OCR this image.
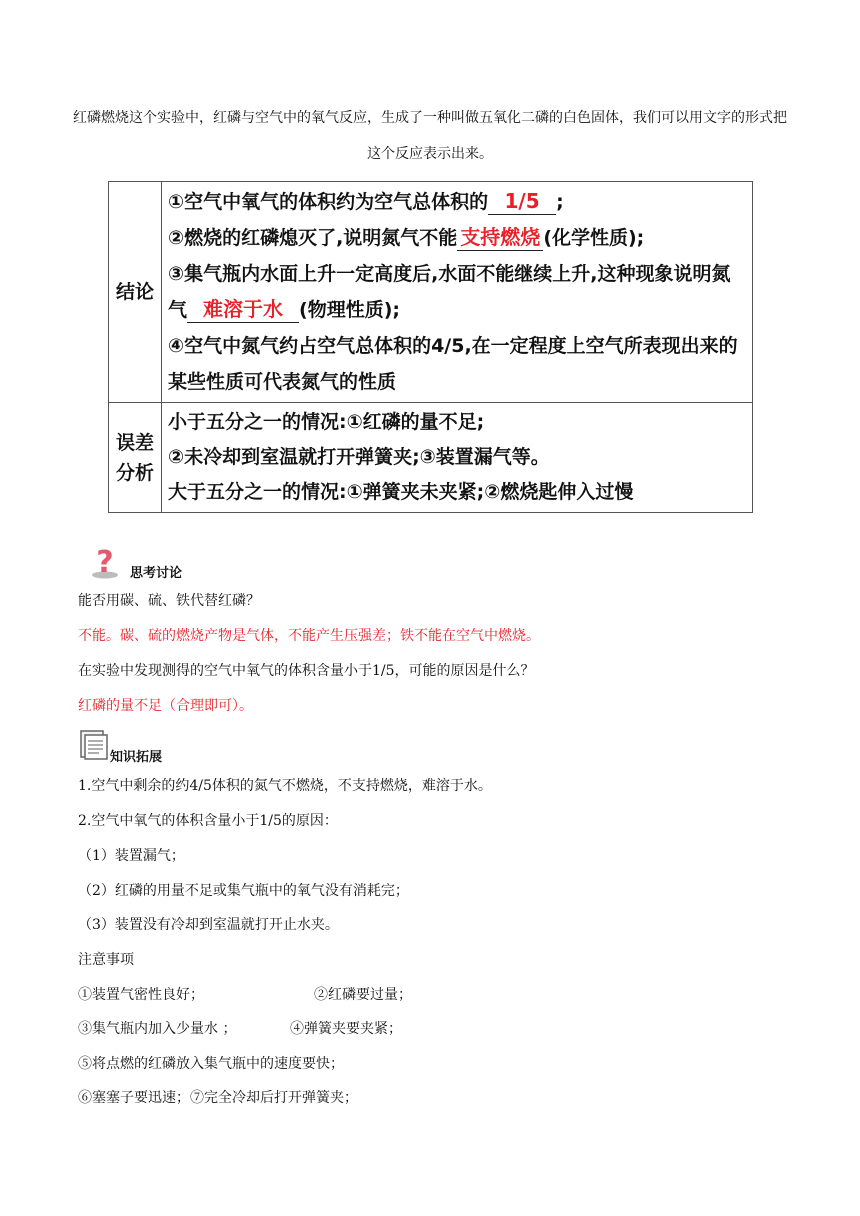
红磷燃烧这个实验中，红磷与空气中的氧气反应，生成了一种叫做五氧化二磷的白色固体，我们可以用文字的形式把这个反应表示出来。
结论	①空气中氧气的体积约为空气总体积的 1/5 ;
②燃烧的红磷熄灭了,说明氮气不能 支持燃烧 (化学性质);
③集气瓶内水面上升一定高度后,水面不能继续上升,这种现象说明氮气 难溶于水 (物理性质);
④空气中氮气约占空气总体积的4/5,在一定程度上空气所表现出来的某些性质可代表氮气的性质

误差分析	小于五分之一的情况:①红磷的量不足;
②未冷却到室温就打开弹簧夹;③装置漏气等。
大于五分之一的情况:①弹簧夹未夹紧;②燃烧匙伸入过慢
? 思考讨论
能否用碳、硫、铁代替红磷？
不能。碳、硫的燃烧产物是气体，不能产生压强差；铁不能在空气中燃烧。
在实验中发现测得的空气中氧气的体积含量小于1/5，可能的原因是什么？
红磷的量不足（合理即可）。
知识拓展
1.空气中剩余的约4/5体积的氮气不燃烧，不支持燃烧，难溶于水。
2.空气中氧气的体积含量小于1/5的原因：
（1）装置漏气；
（2）红磷的用量不足或集气瓶中的氧气没有消耗完；
（3）装置没有冷却到室温就打开止水夹。
注意事项
①装置气密性良好；	②红磷要过量；
③集气瓶内加入少量水 ；	④弹簧夹要夹紧；
⑤将点燃的红磷放入集气瓶中的速度要快；
⑥塞塞子要迅速；⑦完全冷却后打开弹簧夹；
